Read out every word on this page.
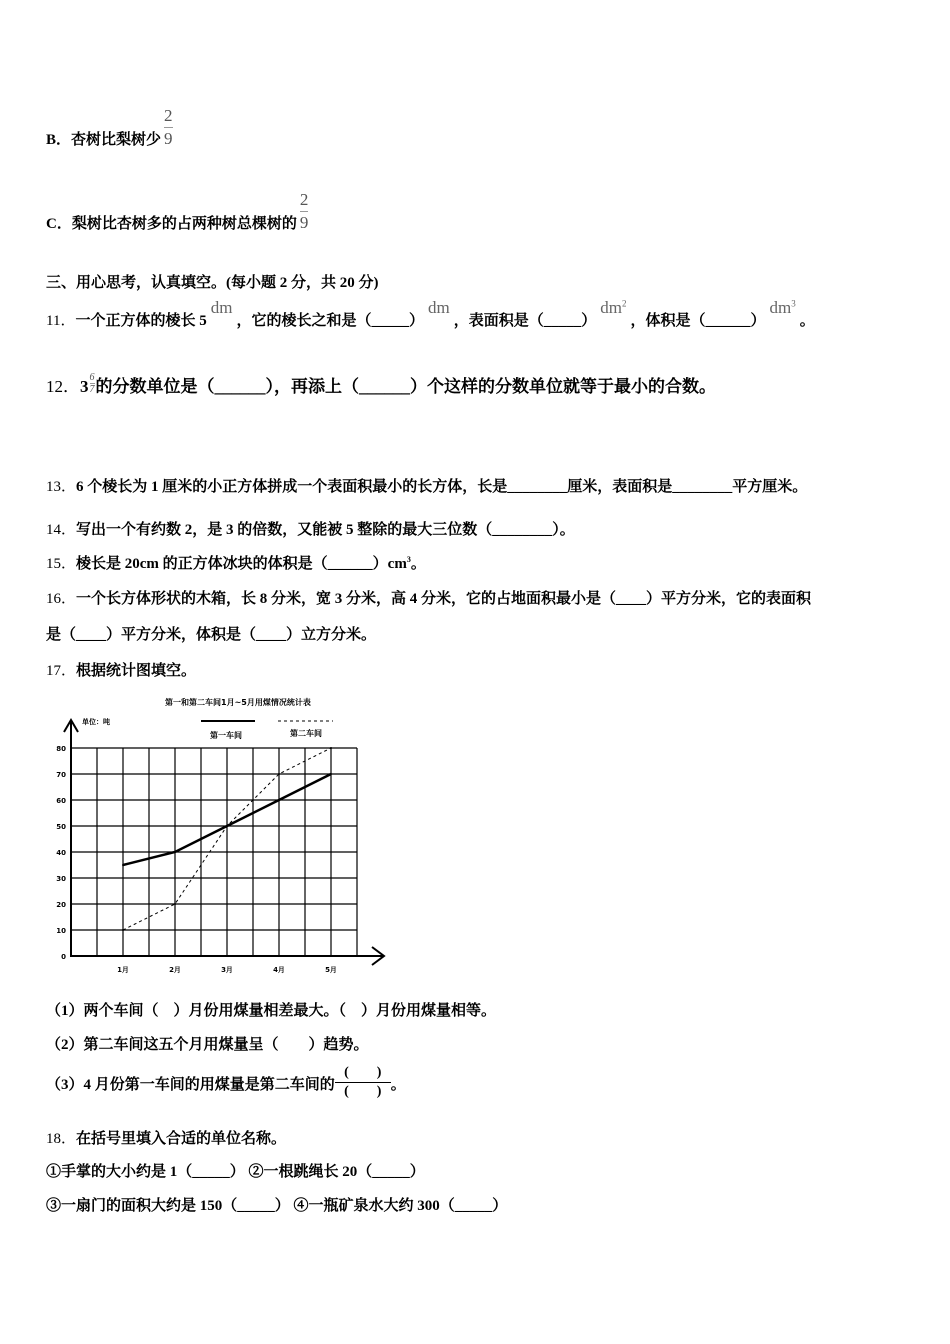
B．杏树比梨树少 $\frac{2}{9}$
C．梨树比杏树多的占两种树总棵树的 $\frac{2}{9}$
三、用心思考，认真填空。(每小题 2 分，共 20 分)
11．一个正方体的棱长 5dm，它的棱长之和是（_____）dm，表面积是$(\_\_\_\_\_)dm^2$，体积是$(\_\_\_\_\_\_)dm^3$。
12．$3 \frac{6}{7}$ 的分数单位是（______），再添上（______）个这样的分数单位就等于最小的合数。
13．6 个棱长为 1 厘米的小正方体拼成一个表面积最小的长方体，长是________厘米，表面积是________平方厘米。
14．写出一个有约数 2，是 3 的倍数，又能被 5 整除的最大三位数（________）。
15．棱长是 20cm 的正方体冰块的体积是$(\_\_\_\_\_\_)cm^3$。
16．一个长方体形状的木箱，长 8 分米，宽 3 分米，高 4 分米，它的占地面积最小是（____）平方分米，它的表面积
是（____）平方分米，体积是（____）立方分米。
17．根据统计图填空。
第一和第二车间1月~5月用煤情况统计表
单位：吨
第一车间	第二车间
0
10
20
30
40
50
60
70
80
1月	2月	3月	4月	5月
（1）两个车间（　）月份用煤量相差最大。（　）月份用煤量相等。
（2）第二车间这五个月用煤量呈（　　）趋势。
（3）4 月份第一车间的用煤量是第二车间的
(　　)
(　　) 。
18．在括号里填入合适的单位名称。
①手掌的大小约是 1（_____） ②一根跳绳长 20（_____）
③一扇门的面积大约是 150（_____） ④一瓶矿泉水大约 300（_____）
